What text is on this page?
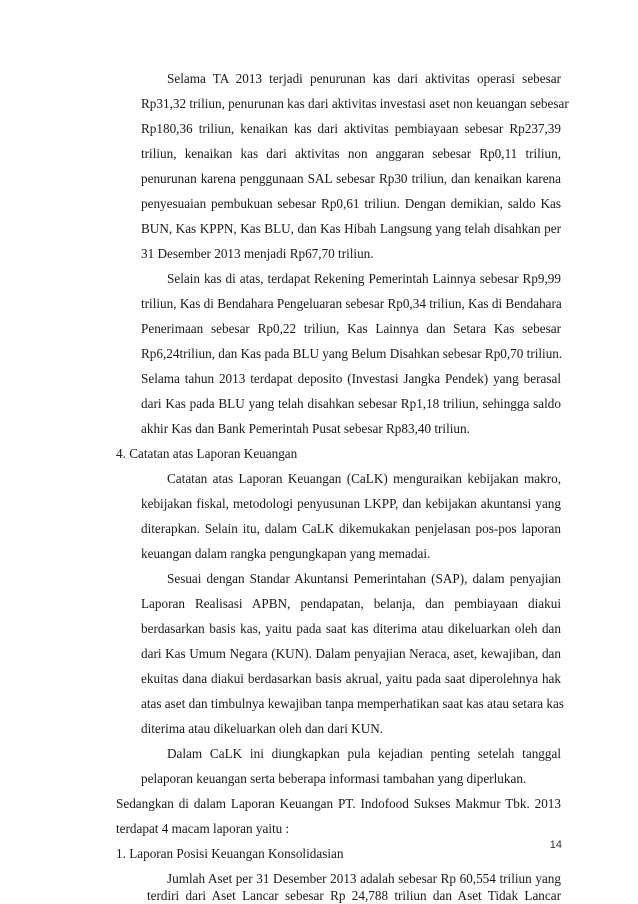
Selama TA 2013 terjadi penurunan kas dari aktivitas operasi sebesar
Rp31,32 triliun, penurunan kas dari aktivitas investasi aset non keuangan sebesar
Rp180,36 triliun, kenaikan kas dari aktivitas pembiayaan sebesar Rp237,39
triliun, kenaikan kas dari aktivitas non anggaran sebesar Rp0,11 triliun,
penurunan karena penggunaan SAL sebesar Rp30 triliun, dan kenaikan karena
penyesuaian pembukuan sebesar Rp0,61 triliun. Dengan demikian, saldo Kas
BUN, Kas KPPN, Kas BLU, dan Kas Hibah Langsung yang telah disahkan per
31 Desember 2013 menjadi Rp67,70 triliun.
Selain kas di atas, terdapat Rekening Pemerintah Lainnya sebesar Rp9,99
triliun, Kas di Bendahara Pengeluaran sebesar Rp0,34 triliun, Kas di Bendahara
Penerimaan sebesar Rp0,22 triliun, Kas Lainnya dan Setara Kas sebesar
Rp6,24triliun, dan Kas pada BLU yang Belum Disahkan sebesar Rp0,70 triliun.
Selama tahun 2013 terdapat deposito (Investasi Jangka Pendek) yang berasal
dari Kas pada BLU yang telah disahkan sebesar Rp1,18 triliun, sehingga saldo
akhir Kas dan Bank Pemerintah Pusat sebesar Rp83,40 triliun.
4. Catatan atas Laporan Keuangan
Catatan atas Laporan Keuangan (CaLK) menguraikan kebijakan makro,
kebijakan fiskal, metodologi penyusunan LKPP, dan kebijakan akuntansi yang
diterapkan. Selain itu, dalam CaLK dikemukakan penjelasan pos-pos laporan
keuangan dalam rangka pengungkapan yang memadai.
Sesuai dengan Standar Akuntansi Pemerintahan (SAP), dalam penyajian
Laporan Realisasi APBN, pendapatan, belanja, dan pembiayaan diakui
berdasarkan basis kas, yaitu pada saat kas diterima atau dikeluarkan oleh dan
dari Kas Umum Negara (KUN). Dalam penyajian Neraca, aset, kewajiban, dan
ekuitas dana diakui berdasarkan basis akrual, yaitu pada saat diperolehnya hak
atas aset dan timbulnya kewajiban tanpa memperhatikan saat kas atau setara kas
diterima atau dikeluarkan oleh dan dari KUN.
Dalam CaLK ini diungkapkan pula kejadian penting setelah tanggal
pelaporan keuangan serta beberapa informasi tambahan yang diperlukan.
Sedangkan di dalam Laporan Keuangan PT. Indofood Sukses Makmur Tbk. 2013
terdapat 4 macam laporan yaitu :
1. Laporan Posisi Keuangan Konsolidasian
Jumlah Aset per 31 Desember 2013 adalah sebesar Rp 60,554 triliun yang
terdiri dari Aset Lancar sebesar Rp 24,788 triliun dan Aset Tidak Lancar
14
